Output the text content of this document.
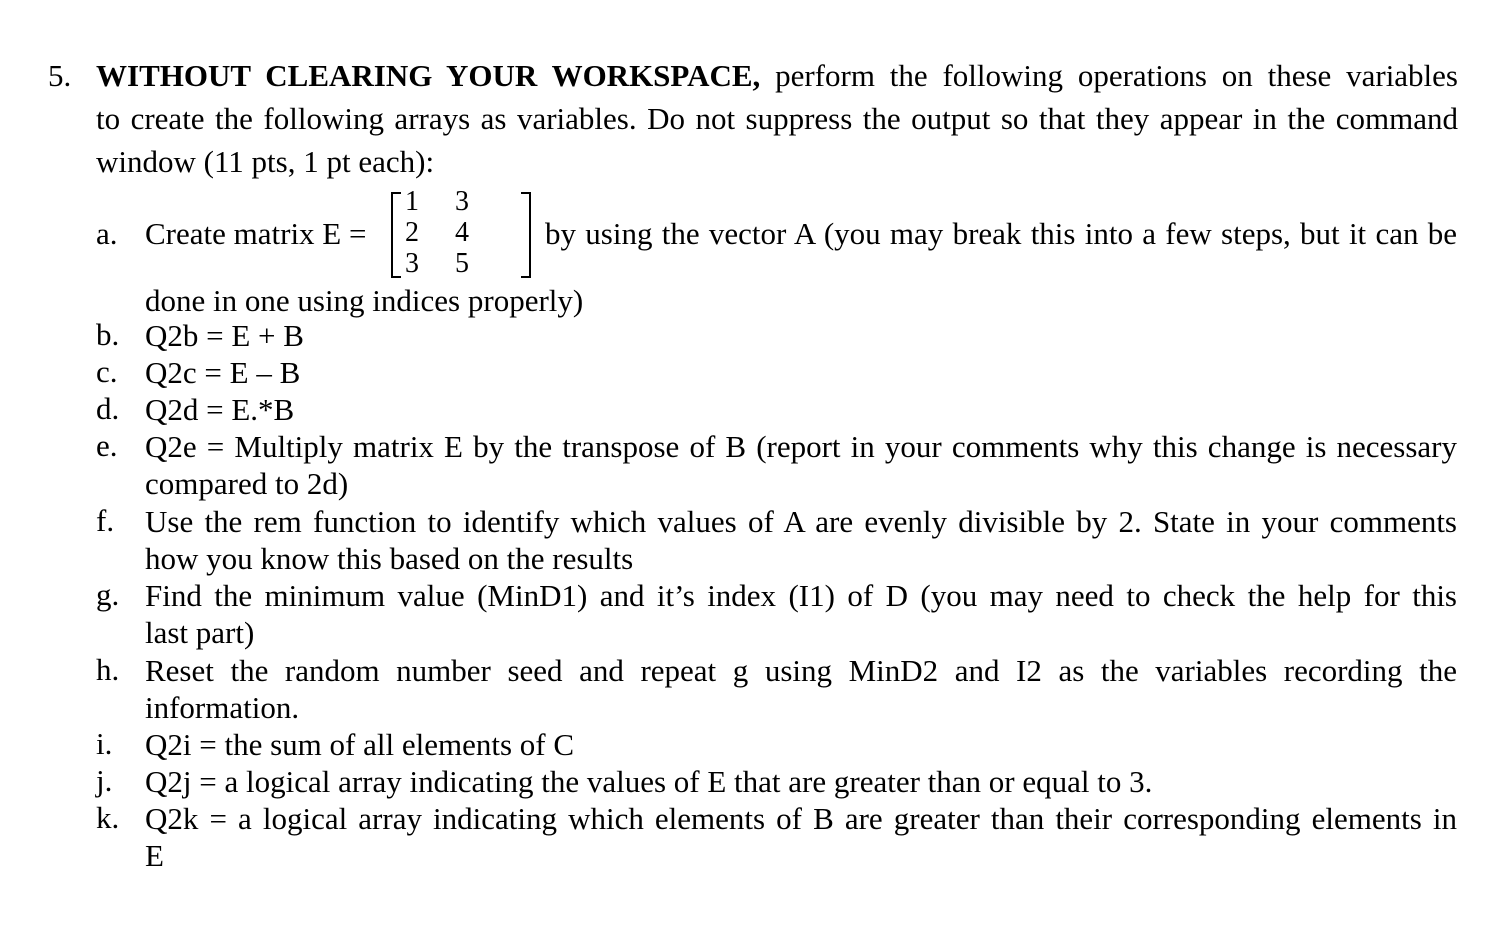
5. WITHOUT CLEARING YOUR WORKSPACE, perform the following operations on these variables
to create the following arrays as variables. Do not suppress the output so that they appear in the command
window (11 pts, 1 pt each):
a. Create matrix E =
1 3
2 4
3 5
by using the vector A (you may break this into a few steps, but it can be
done in one using indices properly)
b. Q2b = E + B
c. Q2c = E – B
d. Q2d = E.*B
e. Q2e = Multiply matrix E by the transpose of B (report in your comments why this change is necessary
compared to 2d)
f. Use the rem function to identify which values of A are evenly divisible by 2. State in your comments
how you know this based on the results
g. Find the minimum value (MinD1) and it’s index (I1) of D (you may need to check the help for this
last part)
h. Reset the random number seed and repeat g using MinD2 and I2 as the variables recording the
information.
i.	Q2i = the sum of all elements of C
j.	Q2j = a logical array indicating the values of E that are greater than or equal to 3.
k. Q2k = a logical array indicating which elements of B are greater than their corresponding elements in
E
